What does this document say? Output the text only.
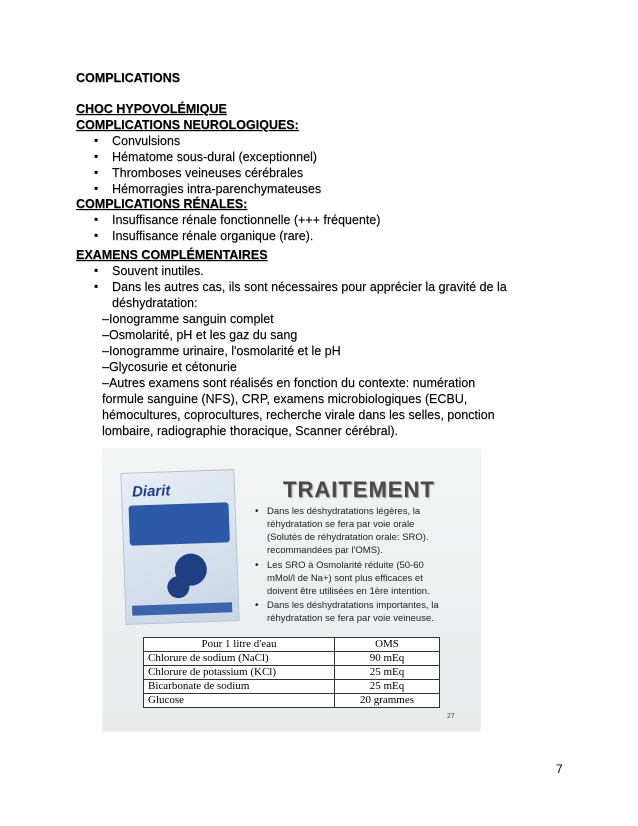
COMPLICATIONS
CHOC HYPOVOLÉMIQUE
COMPLICATIONS NEUROLOGIQUES:
▪ Convulsions
▪ Hématome sous-dural (exceptionnel)
▪ Thromboses veineuses cérébrales
▪ Hémorragies intra-parenchymateuses
COMPLICATIONS RÉNALES:
▪ Insuffisance rénale fonctionnelle (+++ fréquente)
▪ Insuffisance rénale organique (rare).
EXAMENS COMPLÉMENTAIRES
▪ Souvent inutiles.
▪ Dans les autres cas, ils sont nécessaires pour apprécier la gravité de la
déshydratation:
–Ionogramme sanguin complet
–Osmolarité, pH et les gaz du sang
–Ionogramme urinaire, l'osmolarité et le pH
–Glycosurie et cétonurie
–Autres examens sont réalisés en fonction du contexte: numération
formule sanguine (NFS), CRP, examens microbiologiques (ECBU,
hémocultures, coprocultures, recherche virale dans les selles, ponction
lombaire, radiographie thoracique, Scanner cérébral).
Diarit	TRAITEMENT
• Dans les déshydratations légères, la
réhydratation se fera par voie orale
(Solutés de réhydratation orale: SRO).
recommandées par l'OMS).
• Les SRO à Osmolarité réduite (50-60
mMol/l de Na+) sont plus efficaces et
doivent être utilisées en 1ère intention.
• Dans les déshydratations importantes, la
réhydratation se fera par voie veineuse.
Pour 1 litre d'eau	OMS
Chlorure de sodium (NaCl)	90 mEq
Chlorure de potassium (KCl)	25 mEq
Bicarbonate de sodium	25 mEq
Glucose	20 grammes
27
7
